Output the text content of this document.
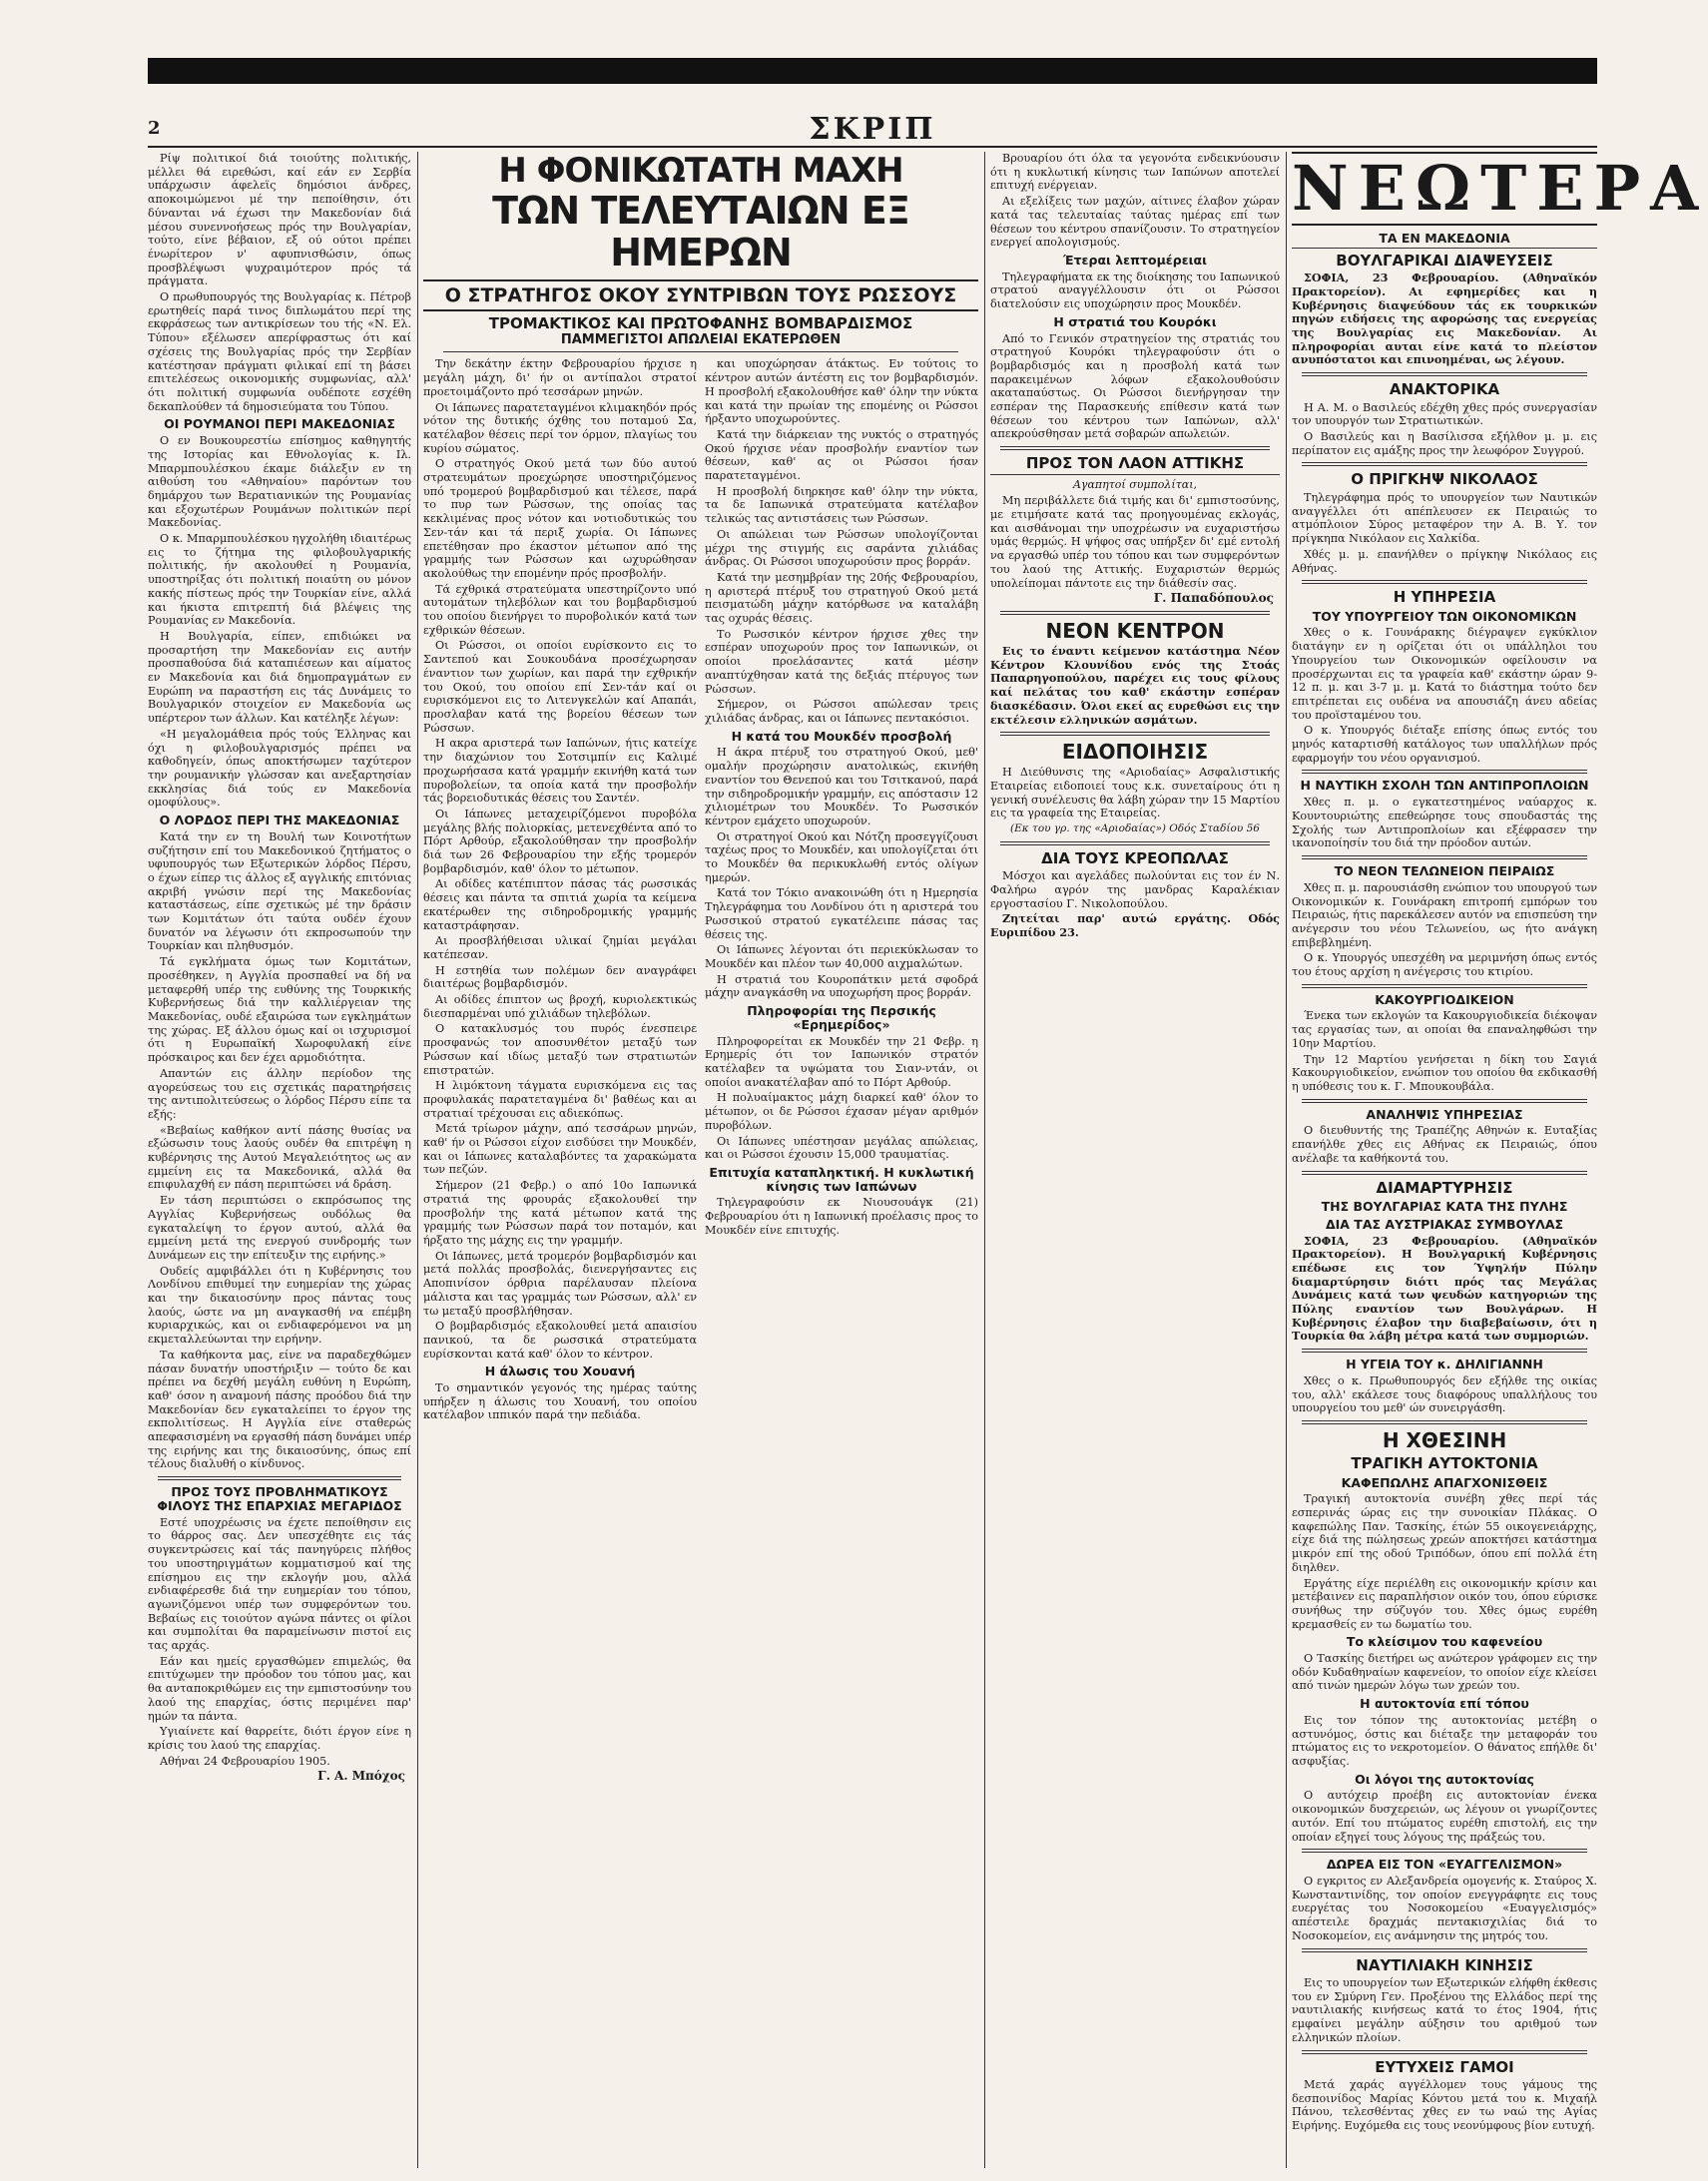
2	ΣΚΡΙΠ

Ρίψ πολιτικοί διά τοιούτης πολιτικής, μέλλει θά ειρεθώσι, καί εάν εν Σερβία υπάρχωσιν άφελεϊς δημόσιοι άνδρες, αποκοιμώμενοι μέ την πεποίθησιν, ότι δύνανται νά έχωσι την Μακεδονίαν διά μέσου συνεννοήσεως πρός την Βουλγαρίαν, τούτο, είνε βέβαιον, εξ ού ούτοι πρέπει ένωρίτερον ν' αφυπνισθώσιν, όπως προσβλέψωσι ψυχραιμότερον πρός τά πράγματα.

Ο πρωθυπουργός της Βουλγαρίας κ. Πέτροβ ερωτηθείς παρά τινος διπλωμάτου περί της εκφράσεως των αντικρίσεων του τής «Ν. Ελ. Τύπου» εξέλωσεν απερίφραστως ότι καί σχέσεις της Βουλγαρίας πρός την Σερβίαν κατέστησαν πράγματι φιλικαί επί τη βάσει επιτελέσεως οικονομικής συμφωνίας, αλλ' ότι πολιτική συμφωνία ουδέποτε εσχέθη δεκαπλούθεν τά δημοσιεύματα του Τύπου.

ΟΙ ΡΟΥΜΑΝΟΙ ΠΕΡΙ ΜΑΚΕΔΟΝΙΑΣ

Ο εν Βουκουρεστίω επίσημος καθηγητής της Ιστορίας και Εθνολογίας κ. Ιλ. Μπαρμπουλέσκου έκαμε διάλεξιν εν τη αιθούση του «Αθηναίου» παρόντων του δημάρχου των Βερατιανικών της Ρουμανίας και εξοχωτέρων Ρουμάνων πολιτικών περί Μακεδονίας.

Ο κ. Μπαρμπουλέσκου ηγχολήθη ιδιαιτέρως εις το ζήτημα της φιλοβουλγαρικής πολιτικής, ήν ακολουθεί η Ρουμανία, υποστηρίξας ότι πολιτική ποιαύτη ου μόνον κακής πίστεως πρός την Τουρκίαν είνε, αλλά και ήκιστα επιτρεπτή διά βλέψεις της Ρουμανίας εν Μακεδονία.

Η Βουλγαρία, είπεν, επιδιώκει να προσαρτήση την Μακεδονίαν εις αυτήν προσπαθούσα διά καταπιέσεων και αίματος εν Μακεδονία και διά δημοπραγμάτων εν Ευρώπη να παραστήση εις τάς Δυνάμεις το Βουλγαρικόν στοιχείον εν Μακεδονία ως υπέρτερον των άλλων. Και κατέληξε λέγων:

«Η μεγαλομάθεια πρός τούς Έλληνας και όχι η φιλοβουλγαρισμός πρέπει να καθοδηγείν, όπως αποκτήσωμεν ταχύτερον την ρουμανικήν γλώσσαν και ανεξαρτησίαν εκκλησίας διά τούς εν Μακεδονία ομοφύλους».

Ο ΛΟΡΔΟΣ ΠΕΡΙ ΤΗΣ ΜΑΚΕΔΟΝΙΑΣ

Κατά την εν τη Βουλή των Κοινοτήτων συζήτησιν επί του Μακεδονικού ζητήματος ο υφυπουργός των Εξωτερικών λόρδος Πέρσυ, ο έχων είπερ τις άλλος εξ αγγλικής επιτόνιας ακριβή γνώσιν περί της Μακεδονίας καταστάσεως, είπε σχετικώς μέ την δράσιν των Κομιτάτων ότι ταύτα ουδέν έχουν δυνατόν να λέγωσιν ότι εκπροσωπούν την Τουρκίαν και πληθυσμόν.

Τά εγκλήματα όμως των Κομιτάτων, προσέθηκεν, η Αγγλία προσπαθεί να δή να μεταφερθή υπέρ της ευθύνης της Τουρκικής Κυβερνήσεως διά την καλλιέργειαν της Μακεδονίας, ουδέ εξαιρώσα των εγκλημάτων της χώρας. Εξ άλλου όμως καί οι ισχυρισμοί ότι η Ευρωπαϊκή Χωροφυλακή είνε πρόσκαιρος και δεν έχει αρμοδιότητα.

Απαντών εις άλλην περίοδον της αγορεύσεως του εις σχετικάς παρατηρήσεις της αντιπολιτεύσεως ο λόρδος Πέρσυ είπε τα εξής:

«Βεβαίως καθήκον αντί πάσης θυσίας να εξώσωσιν τους λαούς ουδέν θα επιτρέψη η κυβέρνησις της Αυτού Μεγαλειότητος ως αν εμμείνη εις τα Μακεδονικά, αλλά θα επιφυλαχθή εν πάση περιπτώσει νά δράση.

Εν τάση περιπτώσει ο εκπρόσωπος της Αγγλίας Κυβερνήσεως ουδόλως θα εγκαταλείψη το έργον αυτού, αλλά θα εμμείνη μετά της ενεργού συνδρομής των Δυνάμεων εις την επίτευξιν της ειρήνης.»

Ουδείς αμφιβάλλει ότι η Κυβέρνησις του Λονδίνου επιθυμεί την ευημερίαν της χώρας και την δικαιοσύνην προς πάντας τους λαούς, ώστε να μη αναγκασθή να επέμβη κυριαρχικώς, και οι ενδιαφερόμενοι να μη εκμεταλλεύωνται την ειρήνην.

Τα καθήκοντα μας, είνε να παραδεχθώμεν πάσαν δυνατήν υποστήριξιν — τούτο δε και πρέπει να δεχθή μεγάλη ευθύνη η Ευρώπη, καθ' όσον η αναμονή πάσης προόδου διά την Μακεδονίαν δεν εγκαταλείπει το έργον της εκπολιτίσεως. Η Αγγλία είνε σταθερώς απεφασισμένη να εργασθή πάση δυνάμει υπέρ της ειρήνης και της δικαιοσύνης, όπως επί τέλους διαλυθή ο κίνδυνος.

ΠΡΟΣ ΤΟΥΣ ΠΡΟΒΛΗΜΑΤΙΚΟΥΣ ΦΙΛΟΥΣ ΤΗΣ ΕΠΑΡΧΙΑΣ ΜΕΓΑΡΙΔΟΣ

Εστέ υποχρέωσις να έχετε πεποίθησιν εις το θάρρος σας. Δεν υπεσχέθητε εις τάς συγκεντρώσεις καί τάς πανηγύρεις πλήθος του υποστηριγμάτων κομματισμού καί της επίσημου εις την εκλογήν μου, αλλά ενδιαφέρεσθε διά την ευημερίαν του τόπου, αγωνιζόμενοι υπέρ των συμφερόντων του. Βεβαίως εις τοιούτον αγώνα πάντες οι φίλοι και συμπολίται θα παραμείνωσιν πιστοί εις τας αρχάς.

Εάν και ημείς εργασθώμεν επιμελώς, θα επιτύχωμεν την πρόοδον του τόπου μας, και θα ανταποκριθώμεν εις την εμπιστοσύνην του λαού της επαρχίας, όστις περιμένει παρ' ημών τα πάντα.

Υγιαίνετε καί θαρρείτε, διότι έργον είνε η κρίσις του λαού της επαρχίας.

Αθήναι 24 Φεβρουαρίου 1905.

Γ. Α. Μπόχος
Η ΦΟΝΙΚΩΤΑΤΗ ΜΑΧΗ
ΤΩΝ ΤΕΛΕΥΤΑΙΩΝ ΕΞ ΗΜΕΡΩΝ
Ο ΣΤΡΑΤΗΓΟΣ ΟΚΟΥ ΣΥΝΤΡΙΒΩΝ ΤΟΥΣ ΡΩΣΣΟΥΣ
ΤΡΟΜΑΚΤΙΚΟΣ ΚΑΙ ΠΡΩΤΟΦΑΝΗΣ ΒΟΜΒΑΡΔΙΣΜΟΣ
ΠΑΜΜΕΓΙΣΤΟΙ ΑΠΩΛΕΙΑΙ ΕΚΑΤΕΡΩΘΕΝ

Την δεκάτην έκτην Φεβρουαρίου ήρχισε η μεγάλη μάχη, δι' ήν οι αντίπαλοι στρατοί προετοιμάζοντο πρό τεσσάρων μηνών.

Οι Ιάπωνες παρατεταγμένοι κλιμακηδόν πρός νότον της δυτικής όχθης του ποταμού Σα, κατέλαβον θέσεις περί τον όρμον, πλαγίως του κυρίου σώματος.

Ο στρατηγός Οκού μετά των δύο αυτού στρατευμάτων προεχώρησε υποστηριζόμενος υπό τρομερού βομβαρδισμού και τέλεσε, παρά το πυρ των Ρώσσων, της οποίας τας κεκλιμένας προς νότον και νοτιοδυτικώς του Σεν-τάν και τά περιξ χωρία. Οι Ιάπωνες επετέθησαν προ έκαστον μέτωπον από της γραμμής των Ρώσσων και ωχυρώθησαν ακολούθως την επομένην πρός προσβολήν.

Τά εχθρικά στρατεύματα υπεστηρίζοντο υπό αυτομάτων τηλεβόλων και του βομβαρδισμού του οποίου διενήργει το πυροβολικόν κατά των εχθρικών θέσεων.

Οι Ρώσσοι, οι οποίοι ευρίσκοντο εις το Σαντεπού και Σουκουδάνα προσέχωρησαν έναντιον των χωρίων, και παρά την εχθρικήν του Οκού, του οποίου επί Σεν-τάν καί οι ευρισκόμενοι εις το Λιτενγκελών καί Απαπάι, προσλαβαν κατά της βορείου θέσεων των Ρώσσων.

Η ακρα αριστερά των Ιαπώνων, ήτις κατείχε την διαχώνιον του Σοτσιμπίν εις Καλιμέ προχωρήσασα κατά γραμμήν εκινήθη κατά των πυροβολείων, τα οποία κατά την προσβολήν τάς βορειοδυτικάς θέσεις του Σαντέν.

Οι Ιάπωνες μεταχειρίζόμενοι πυροβόλα μεγάλης βλής πολιορκίας, μετενεχθέντα από το Πόρτ Αρθούρ, εξακολούθησαν την προσβολήν διά των 26 Φεβρουαρίου την εξής τρομερόν βομβαρδισμόν, καθ' όλον το μέτωπον.

Αι οδίδες κατέπιπτον πάσας τάς ρωσσικάς θέσεις και πάντα τα σπιτιά χωρία τα κείμενα εκατέρωθεν της σιδηροδρομικής γραμμής καταστράφησαν.

Αι προσβλήθεισαι υλικαί ζημίαι μεγάλαι κατέπεσαν.

Η εστηθία των πολέμων δεν αναγράφει διαιτέρως βομβαρδισμόν.

Αι οδίδες έπιπτον ως βροχή, κυριολεκτικώς διεσπαρμέναι υπό χιλιάδων τηλεβόλων.

Ο κατακλυσμός του πυρός ένεσπειρε προσφανώς τον αποσυνθέτον μεταξύ των Ρώσσων καί ιδίως μεταξύ των στρατιωτών επιστρατών.

Η λιμόκτονη τάγματα ευρισκόμενα εις τας προφυλακάς παρατεταγμένα δι' βαθέως και αι στρατιαί τρέχουσαι εις αδιεκόπως.

Μετά τρίωρον μάχην, από τεσσάρων μηνών, καθ' ήν οι Ρώσσοι είχον εισδύσει την Μουκδέν, και οι Ιάπωνες καταλαβόντες τα χαρακώματα των πεζών.

Σήμερον (21 Φεβρ.) ο από 10ο Ιαπωνικά στρατιά της φρουράς εξακολουθεί την προσβολήν της κατά μέτωπον κατά της γραμμής των Ρώσσων παρά τον ποταμόν, και ήρξατο της μάχης εις την γραμμήν.

Οι Ιάπωνες, μετά τρομερόν βομβαρδισμόν και μετά πολλάς προσβολάς, διενεργήσαντες εις Αποπινίσον όρθρια παρέλαυσαν πλείονα μάλιστα και τας γραμμάς των Ρώσσων, αλλ' εν τω μεταξύ προσβλήθησαν.

Ο βομβαρδισμός εξακολουθεί μετά απαισίου πανικού, τα δε ρωσσικά στρατεύματα ευρίσκονται κατά καθ' όλον το κέντρον.

Η άλωσις του Χουανή

Το σημαντικόν γεγονός της ημέρας ταύτης υπήρξεν η άλωσις του Χουανή, του οποίου κατέλαβον ιππικόν παρά την πεδιάδα.

και υποχώρησαν άτάκτως. Εν τούτοις το κέντρον αυτών άντέστη εις τον βομβαρδισμόν. Η προσβολή εξακολουθήσε καθ' όλην την νύκτα και κατά την πρωίαν της επομένης οι Ρώσσοι ήρξαντο υποχωρούντες.

Κατά την διάρκειαν της νυκτός ο στρατηγός Οκού ήρχισε νέαν προσβολήν εναντίον των θέσεων, καθ' ας οι Ρώσσοι ήσαν παρατεταγμένοι.

Η προσβολή διηρκησε καθ' όλην την νύκτα, τα δε Ιαπωνικά στρατεύματα κατέλαβον τελικώς τας αντιστάσεις των Ρώσσων.

Οι απώλειαι των Ρώσσων υπολογίζονται μέχρι της στιγμής εις σαράντα χιλιάδας άνδρας. Οι Ρώσσοι υποχωρούσιν προς βορράν.

Κατά την μεσημβρίαν της 20ής Φεβρουαρίου, η αριστερά πτέρυξ του στρατηγού Οκού μετά πεισματώδη μάχην κατόρθωσε να καταλάβη τας οχυράς θέσεις.

Το Ρωσσικόν κέντρον ήρχισε χθες την εσπέραν υποχωρούν προς τον Ιαπωνικών, οι οποίοι προελάσαντες κατά μέσην αναπτύχθησαν κατά της δεξιάς πτέρυγος των Ρώσσων.

Σήμερον, οι Ρώσσοι απώλεσαν τρεις χιλιάδας άνδρας, και οι Ιάπωνες πεντακόσιοι.

Η κατά του Μουκδέν προσβολή

Η άκρα πτέρυξ του στρατηγού Οκού, μεθ' ομαλήν προχώρησιν ανατολικώς, εκινήθη εναντίον του Θενεπού και του Τσιτκανού, παρά την σιδηροδρομικήν γραμμήν, εις απόστασιν 12 χιλιομέτρων του Μουκδέν. Το Ρωσσικόν κέντρον εμάχετο υποχωρούν.

Οι στρατηγοί Οκού και Νότζη προσεγγίζουσι ταχέως προς το Μουκδέν, και υπολογίζεται ότι το Μουκδέν θα περικυκλωθή εντός ολίγων ημερών.

Κατά τον Τόκιο ανακοινώθη ότι η Ημερησία Τηλεγράφημα του Λονδίνου ότι η αριστερά του Ρωσσικού στρατού εγκατέλειπε πάσας τας θέσεις της.

Οι Ιάπωνες λέγονται ότι περιεκύκλωσαν το Μουκδέν και πλέον των 40,000 αιχμαλώτων.

Η στρατιά του Κουροπάτκιν μετά σφοδρά μάχην αναγκάσθη να υποχωρήση προς βορράν.

Πληροφορίαι της Περσικής «Ερημερίδος»

Πληροφορείται εκ Μουκδέν την 21 Φεβρ. η Ερημερίς ότι τον Ιαπωνικόν στρατόν κατέλαβεν τα υψώματα του Σιαν-ντάν, οι οποίοι ανακατέλαβαν από το Πόρτ Αρθούρ.

Η πολυαίμακτος μάχη διαρκεί καθ' όλον το μέτωπον, οι δε Ρώσσοι έχασαν μέγαν αριθμόν πυροβόλων.

Οι Ιάπωνες υπέστησαν μεγάλας απώλειας, και οι Ρώσσοι έχουσιν 15,000 τραυματίας.

Επιτυχία καταπληκτική. Η κυκλωτική κίνησις των Ιαπώνων

Τηλεγραφούσιν εκ Νιουσουάγκ (21) Φεβρουαρίου ότι η Ιαπωνική προέλασις προς το Μουκδέν είνε επιτυχής.

Βρουαρίου ότι όλα τα γεγονότα ενδεικνύουσιν ότι η κυκλωτική κίνησις των Ιαπώνων αποτελεί επιτυχή ενέργειαν.

Αι εξελίξεις των μαχών, αίτινες έλαβον χώραν κατά τας τελευταίας ταύτας ημέρας επί των θέσεων του κέντρου σπανίζουσιν. Το στρατηγείον ενεργεί απολογισμούς.

Έτεραι λεπτομέρειαι

Τηλεγραφήματα εκ της διοίκησης του Ιαπωνικού στρατού αναγγέλλουσιν ότι οι Ρώσσοι διατελούσιν εις υποχώρησιν προς Μουκδέν.

Η στρατιά του Κουρόκι

Από το Γενικόν στρατηγείον της στρατιάς του στρατηγού Κουρόκι τηλεγραφούσιν ότι ο βομβαρδισμός και η προσβολή κατά των παρακειμένων λόφων εξακολουθούσιν ακαταπαύστως. Οι Ρώσσοι διενήργησαν την εσπέραν της Παρασκευής επίθεσιν κατά των θέσεων του κέντρου των Ιαπώνων, αλλ' απεκρούσθησαν μετά σοβαρών απωλειών.

ΠΡΟΣ ΤΟΝ ΛΑΟΝ ΑΤΤΙΚΗΣ
Αγαπητοί συμπολίται,

Μη περιβάλλετε διά τιμής και δι' εμπιστοσύνης, με ετιμήσατε κατά τας προηγουμένας εκλογάς, και αισθάνομαι την υποχρέωσιν να ευχαριστήσω υμάς θερμώς. Η ψήφος σας υπήρξεν δι' εμέ εντολή να εργασθώ υπέρ του τόπου και των συμφερόντων του λαού της Αττικής. Ευχαριστών θερμώς υπολείπομαι πάντοτε εις την διάθεσίν σας.

Γ. Παπαδόπουλος
ΝΕΟΝ ΚΕΝΤΡΟΝ

Εις το έναντι κείμενον κατάστημα Νέον Κέντρον Κλουνίδου ενός της Στοάς Παπαρηγοπούλου, παρέχει εις τους φίλους καί πελάτας του καθ' εκάστην εσπέραν διασκέδασιν. Όλοι εκεί ας ευρεθώσι εις την εκτέλεσιν ελληνικών ασμάτων.

ΕΙΔΟΠΟΙΗΣΙΣ

Η Διεύθυνσις της «Αριοδαίας» Ασφαλιστικής Εταιρείας ειδοποιεί τους κ.κ. συνεταίρους ότι η γενική συνέλευσις θα λάβη χώραν την 15 Μαρτίου εις τα γραφεία της Εταιρείας.

(Εκ του γρ. της «Αριοδαίας») Οδός Σταδίου 56
ΔΙΑ ΤΟΥΣ ΚΡΕΟΠΩΛΑΣ

Μόσχοι και αγελάδες πωλούνται εις τον έν Ν. Φαλήρω αγρόν της μανδρας Καραλέκιαν εργοστασίου Γ. Νικολοπούλου.

Ζητείται παρ' αυτώ εργάτης. Οδός Ευριπίδου 23.

ΝΕΩΤΕΡΑ
ΤΑ ΕΝ ΜΑΚΕΔΟΝΙΑ
ΒΟΥΛΓΑΡΙΚΑΙ ΔΙΑΨΕΥΣΕΙΣ

ΣΟΦΙΑ, 23 Φεβρουαρίου. (Αθηναϊκόν Πρακτορείον). Αι εφημερίδες και η Κυβέρνησις διαψεύδουν τάς εκ τουρκικών πηγών ειδήσεις της αφορώσης τας ενεργείας της Βουλγαρίας εις Μακεδονίαν. Αι πληροφορίαι αυται είνε κατά το πλείστον ανυπόστατοι και επινοημέναι, ως λέγουν.

ΑΝΑΚΤΟΡΙΚΑ

Η Α. Μ. ο Βασιλεύς εδέχθη χθες πρός συνεργασίαν τον υπουργόν των Στρατιωτικών.

Ο Βασιλεύς και η Βασίλισσα εξήλθον μ. μ. εις περίπατον εις αμάξης προς την λεωφόρον Συγγρού.

Ο ΠΡΙΓΚΗΨ ΝΙΚΟΛΑΟΣ

Τηλεγράφημα πρός το υπουργείον των Ναυτικών αναγγέλλει ότι απέπλευσεν εκ Πειραιώς το ατμόπλοιον Σύρος μεταφέρον την Α. Β. Υ. τον πρίγκηπα Νικόλαον εις Χαλκίδα.

Χθές μ. μ. επανήλθεν ο πρίγκηψ Νικόλαος εις Αθήνας.

Η ΥΠΗΡΕΣΙΑ
ΤΟΥ ΥΠΟΥΡΓΕΙΟΥ ΤΩΝ ΟΙΚΟΝΟΜΙΚΩΝ

Χθες ο κ. Γουνάρακης διέγραψεν εγκύκλιον διατάγην εν η ορίζεται ότι οι υπάλληλοι του Υπουργείου των Οικονομικών οφείλουσιν να προσέρχωνται εις τα γραφεία καθ' εκάστην ώραν 9-12 π. μ. και 3-7 μ. μ. Κατά το διάστημα τούτο δεν επιτρέπεται εις ουδένα να απουσιάζη άνευ αδείας του προϊσταμένου του.

Ο κ. Υπουργός διέταξε επίσης όπως εντός του μηνός καταρτισθή κατάλογος των υπαλλήλων πρός εφαρμογήν του νέου οργανισμού.

Η ΝΑΥΤΙΚΗ ΣΧΟΛΗ ΤΩΝ ΑΝΤΙΠΡΟΠΛΟΙΩΝ

Χθες π. μ. ο εγκατεστημένος ναύαρχος κ. Κουντουριώτης επεθεώρησε τους σπουδαστάς της Σχολής των Αντιπροπλοίων και εξέφρασεν την ικανοποίησίν του διά την πρόοδον αυτών.

ΤΟ ΝΕΟΝ ΤΕΛΩΝΕΙΟΝ ΠΕΙΡΑΙΩΣ

Χθες π. μ. παρουσιάσθη ενώπιον του υπουργού των Οικονομικών κ. Γουνάρακη επιτροπή εμπόρων του Πειραιώς, ήτις παρεκάλεσεν αυτόν να επισπεύση την ανέγερσιν του νέου Τελωνείου, ως ήτο ανάγκη επιβεβλημένη.

Ο κ. Υπουργός υπεσχέθη να μεριμνήση όπως εντός του έτους αρχίση η ανέγερσις του κτιρίου.

ΚΑΚΟΥΡΓΙΟΔΙΚΕΙΟΝ

Ένεκα των εκλογών τα Κακουργιοδικεία διέκοψαν τας εργασίας των, αι οποίαι θα επαναληφθώσι την 10ην Μαρτίου.

Την 12 Μαρτίου γενήσεται η δίκη του Σαγιά Κακουργιοδικείον, ενώπιον του οποίου θα εκδικασθή η υπόθεσις του κ. Γ. Μπουκουβάλα.

ΑΝΑΛΗΨΙΣ ΥΠΗΡΕΣΙΑΣ

Ο διευθυντής της Τραπέζης Αθηνών κ. Ευταξίας επανήλθε χθες εις Αθήνας εκ Πειραιώς, όπου ανέλαβε τα καθήκοντά του.

ΔΙΑΜΑΡΤΥΡΗΣΙΣ
ΤΗΣ ΒΟΥΛΓΑΡΙΑΣ ΚΑΤΑ ΤΗΣ ΠΥΛΗΣ
ΔΙΑ ΤΑΣ ΑΥΣΤΡΙΑΚΑΣ ΣΥΜΒΟΥΛΑΣ

ΣΟΦΙΑ, 23 Φεβρουαρίου. (Αθηναϊκόν Πρακτορείον). Η Βουλγαρική Κυβέρνησις επέδωσε εις τον Ύψηλήν Πύλην διαμαρτύρησιν διότι πρός τας Μεγάλας Δυνάμεις κατά των ψευδών κατηγοριών της Πύλης εναντίον των Βουλγάρων. Η Κυβέρνησις έλαβον την διαβεβαίωσιν, ότι η Τουρκία θα λάβη μέτρα κατά των συμμοριών.

Η ΥΓΕΙΑ ΤΟΥ κ. ΔΗΛΙΓΙΑΝΝΗ

Χθες ο κ. Πρωθυπουργός δεν εξήλθε της οικίας του, αλλ' εκάλεσε τους διαφόρους υπαλλήλους του υπουργείου του μεθ' ών συνειργάσθη.

Η ΧΘΕΣΙΝΗ
ΤΡΑΓΙΚΗ ΑΥΤΟΚΤΟΝΙΑ
ΚΑΦΕΠΩΛΗΣ ΑΠΑΓΧΟΝΙΣΘΕΙΣ

Τραγική αυτοκτονία συνέβη χθες περί τάς εσπερινάς ώρας εις την συνοικίαν Πλάκας. Ο καφεπώλης Παν. Τασκίης, έτών 55 οικογενειάρχης, είχε διά της πώλησεως χρεών αποκτήσει κατάστημα μικρόν επί της οδού Τριπόδων, όπου επί πολλά έτη διηλθεν.

Εργάτης είχε περιέλθη εις οικονομικήν κρίσιν και μετέβαινεν εις παραπλήσιον οικόν του, όπου εύρισκε συνήθως την σύζυγόν του. Χθες όμως ευρέθη κρεμασθείς εν τω δωματίω του.

Το κλείσιμον του καφενείου

Ο Τασκίης διετήρει ως ανώτερον γράφομεν εις την οδόν Κυδαθηναίων καφενείον, το οποίον είχε κλείσει από τινών ημερών λόγω των χρεών του.

Η αυτοκτονία επί τόπου

Εις τον τόπον της αυτοκτονίας μετέβη ο αστυνόμος, όστις και διέταξε την μεταφοράν του πτώματος εις το νεκροτομείον. Ο θάνατος επήλθε δι' ασφυξίας.

Οι λόγοι της αυτοκτονίας

Ο αυτόχειρ προέβη εις αυτοκτονίαν ένεκα οικονομικών δυσχερειών, ως λέγουν οι γνωρίζοντες αυτόν. Επί του πτώματος ευρέθη επιστολή, εις την οποίαν εξηγεί τους λόγους της πράξεώς του.

ΔΩΡΕΑ ΕΙΣ ΤΟΝ «ΕΥΑΓΓΕΛΙΣΜΟΝ»

Ο εγκριτος εν Αλεξανδρεία ομογενής κ. Σταύρος Χ. Κωνσταντινίδης, τον οποίον ενεγγράφητε εις τους ευεργέτας του Νοσοκομείου «Ευαγγελισμός» απέστειλε δραχμάς πεντακισχιλίας διά το Νοσοκομείον, εις ανάμνησιν της μητρός του.

ΝΑΥΤΙΛΙΑΚΗ ΚΙΝΗΣΙΣ

Εις το υπουργείον των Εξωτερικών ελήφθη έκθεσις του εν Σμύρνη Γεν. Προξένου της Ελλάδος περί της ναυτιλιακής κινήσεως κατά το έτος 1904, ήτις εμφαίνει μεγάλην αύξησιν του αριθμού των ελληνικών πλοίων.

ΕΥΤΥΧΕΙΣ ΓΑΜΟΙ

Μετά χαράς αγγέλλομεν τους γάμους της δεσποινίδος Μαρίας Κόντου μετά του κ. Μιχαήλ Πάνου, τελεσθέντας χθες εν τω ναώ της Αγίας Ειρήνης. Ευχόμεθα εις τους νεονύμφους βίον ευτυχή.
